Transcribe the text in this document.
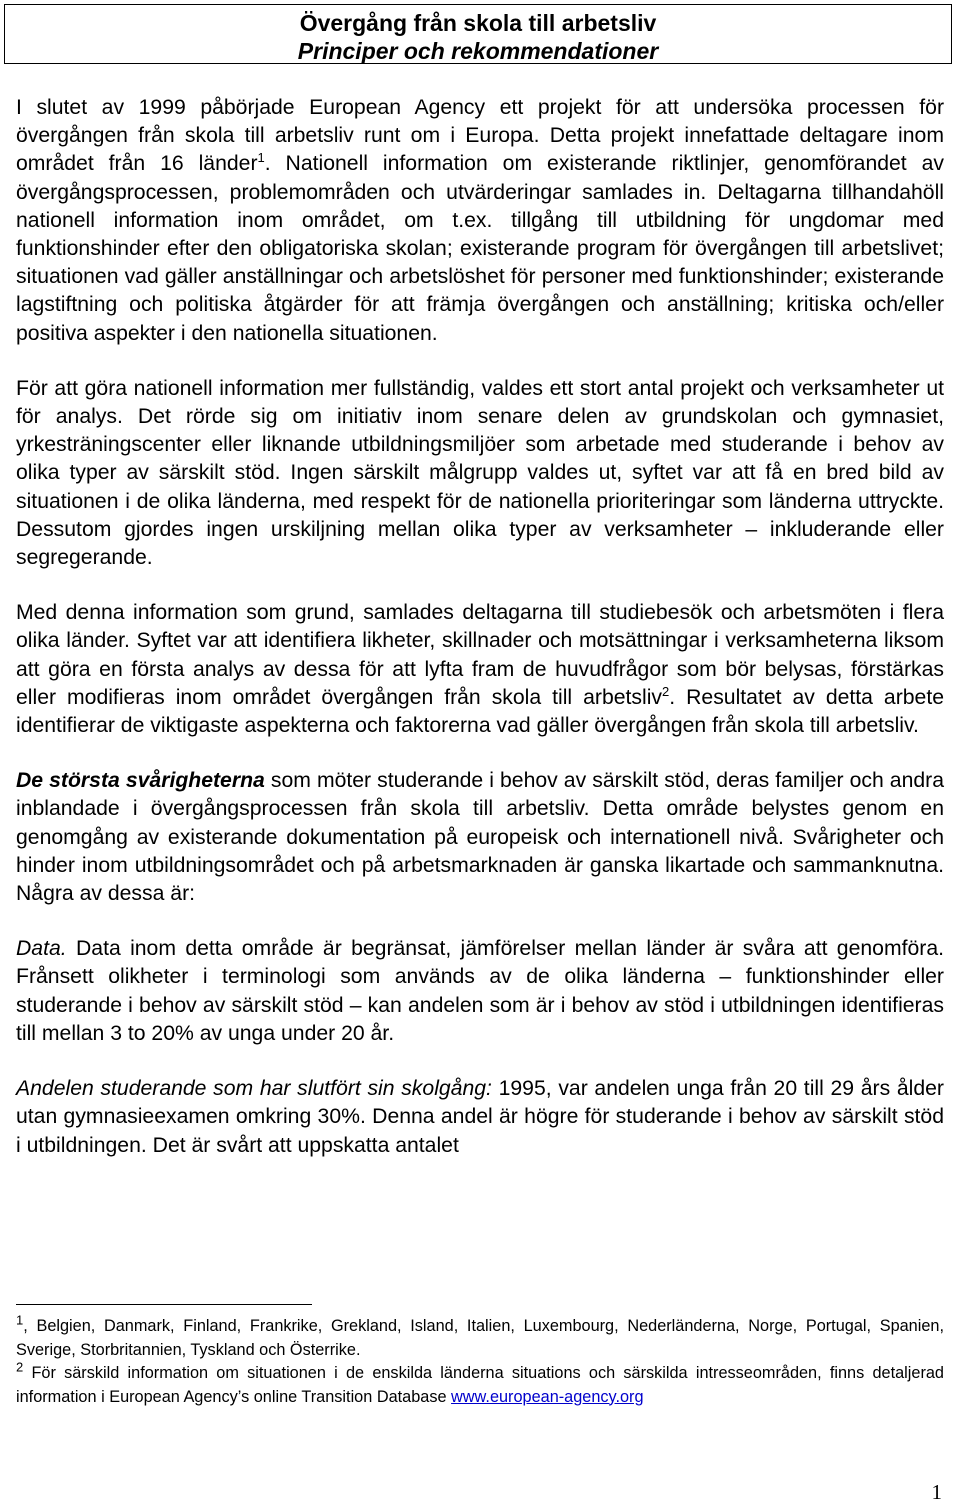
Övergång från skola till arbetsliv
Principer och rekommendationer

I slutet av 1999 påbörjade European Agency ett projekt för att undersöka processen för övergången från skola till arbetsliv runt om i Europa. Detta projekt innefattade deltagare inom området från 16 länder$^1$. Nationell information om existerande riktlinjer, genomförandet av övergångsprocessen, problemområden och utvärderingar samlades in. Deltagarna tillhandahöll nationell information inom området, om t.ex. tillgång till utbildning för ungdomar med funktionshinder efter den obligatoriska skolan; existerande program för övergången till arbetslivet; situationen vad gäller anställningar och arbetslöshet för personer med funktionshinder; existerande lagstiftning och politiska åtgärder för att främja övergången och anställning; kritiska och/eller positiva aspekter i den nationella situationen.

För att göra nationell information mer fullständig, valdes ett stort antal projekt och verksamheter ut för analys. Det rörde sig om initiativ inom senare delen av grundskolan och gymnasiet, yrkesträningscenter eller liknande utbildningsmiljöer som arbetade med studerande i behov av olika typer av särskilt stöd. Ingen särskilt målgrupp valdes ut, syftet var att få en bred bild av situationen i de olika länderna, med respekt för de nationella prioriteringar som länderna uttryckte. Dessutom gjordes ingen urskiljning mellan olika typer av verksamheter – inkluderande eller segregerande.

Med denna information som grund, samlades deltagarna till studiebesök och arbetsmöten i flera olika länder. Syftet var att identifiera likheter, skillnader och motsättningar i verksamheterna liksom att göra en första analys av dessa för att lyfta fram de huvudfrågor som bör belysas, förstärkas eller modifieras inom området övergången från skola till arbetsliv$^2$. Resultatet av detta arbete identifierar de viktigaste aspekterna och faktorerna vad gäller övergången från skola till arbetsliv.

De största svårigheterna som möter studerande i behov av särskilt stöd, deras familjer och andra inblandade i övergångsprocessen från skola till arbetsliv. Detta område belystes genom en genomgång av existerande dokumentation på europeisk och internationell nivå. Svårigheter och hinder inom utbildningsområdet och på arbetsmarknaden är ganska likartade och sammanknutna. Några av dessa är:

Data. Data inom detta område är begränsat, jämförelser mellan länder är svåra att genomföra. Frånsett olikheter i terminologi som används av de olika länderna – funktionshinder eller studerande i behov av särskilt stöd – kan andelen som är i behov av stöd i utbildningen identifieras till mellan 3 to 20% av unga under 20 år.

Andelen studerande som har slutfört sin skolgång: 1995, var andelen unga från 20 till 29 års ålder utan gymnasieexamen omkring 30%. Denna andel är högre för studerande i behov av särskilt stöd i utbildningen. Det är svårt att uppskatta antalet

$^1$, Belgien, Danmark, Finland, Frankrike, Grekland, Island, Italien, Luxembourg, Nederländerna, Norge, Portugal, Spanien, Sverige, Storbritannien, Tyskland och Österrike.

$^2$ För särskild information om situationen i de enskilda länderna situations och särskilda intresseområden, finns detaljerad information i European Agency’s online Transition Database www.european-agency.org

1
